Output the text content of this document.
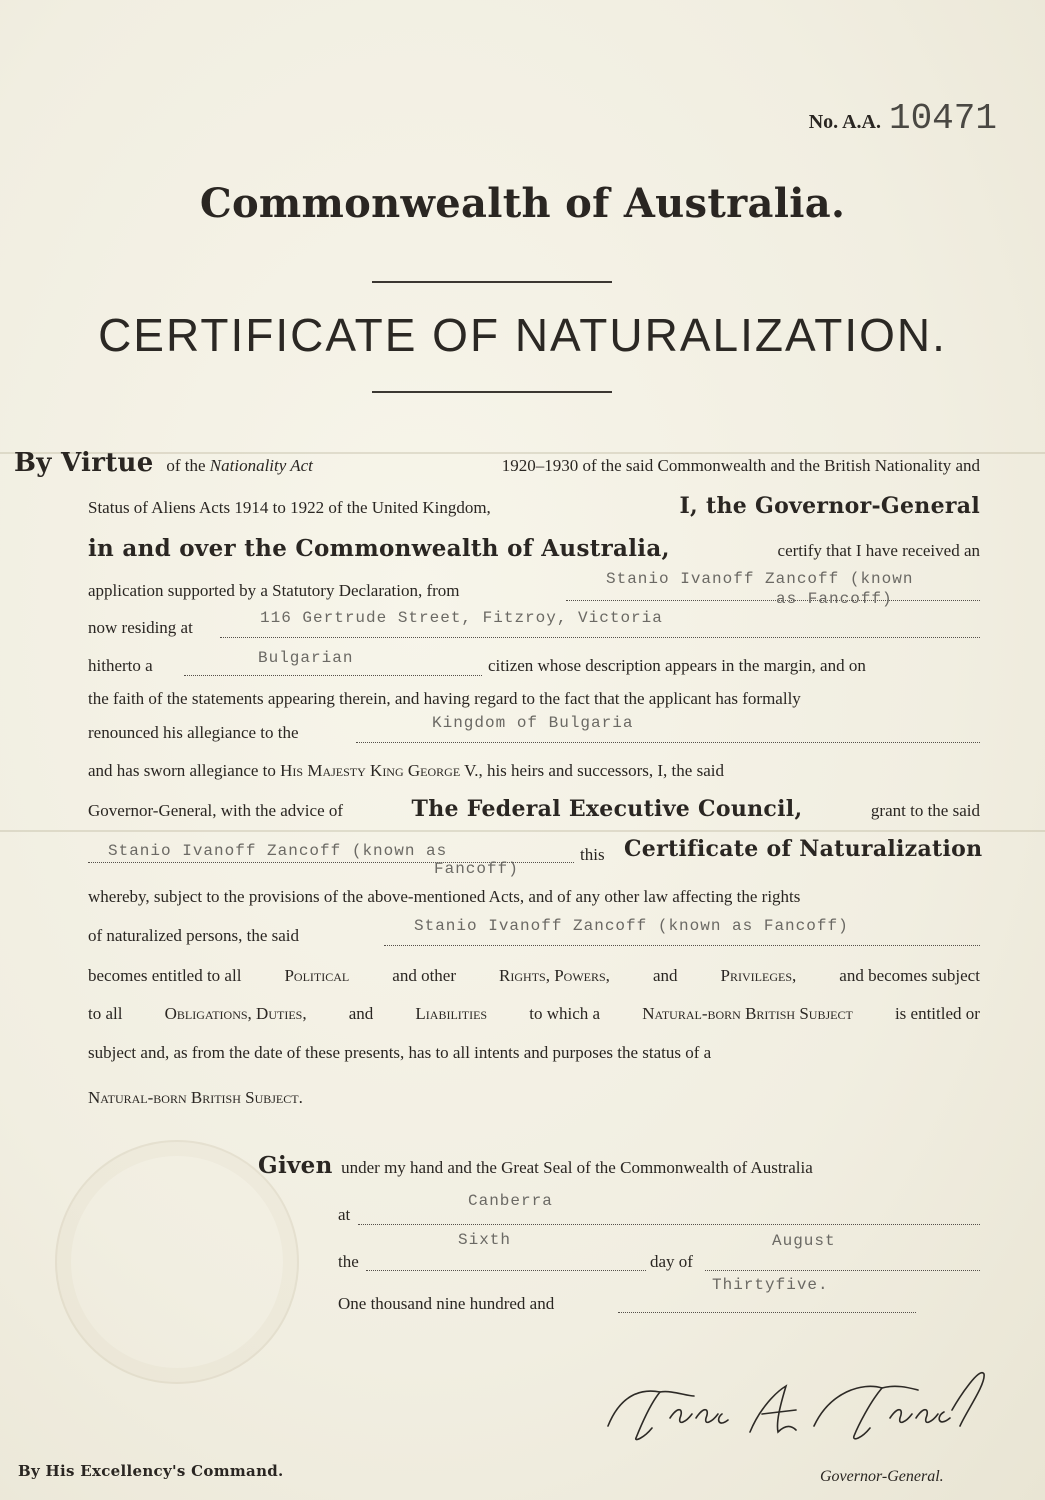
No. A.A. 10471
Commonwealth of Australia.
CERTIFICATE OF NATURALIZATION.
By Virtue of the Nationality Act	1920–1930 of the said Commonwealth and the British Nationality and
Status of Aliens Acts 1914 to 1922 of the United Kingdom,	I, the Governor-General
in and over the Commonwealth of Australia,	certify that I have received an
application supported by a Statutory Declaration, from
Stanio Ivanoff Zancoff (known
as Fancoff)
now residing at	116 Gertrude Street, Fitzroy, Victoria
hitherto a	Bulgarian	citizen whose description appears in the margin, and on
the faith of the statements appearing therein, and having regard to the fact that the applicant has formally
renounced his allegiance to the	Kingdom of Bulgaria
and has sworn allegiance to His Majesty King George V., his heirs and successors, I, the said
Governor-General, with the advice of	The Federal Executive Council,	grant to the said
Stanio Ivanoff Zancoff (known as
Fancoff)
this Certificate of Naturalization
whereby, subject to the provisions of the above-mentioned Acts, and of any other law affecting the rights
of naturalized persons, the said	Stanio Ivanoff Zancoff (known as Fancoff)
becomes entitled to all	Political	and other	Rights, Powers,	and	Privileges,	and becomes subject
to all Obligations, Duties, and Liabilities to which a Natural-born British Subject is entitled or
subject and, as from the date of these presents, has to all intents and purposes the status of a
Natural-born British Subject.
Given under my hand and the Great Seal of the Commonwealth of Australia
at
Canberra
the
Sixth
day of
August
One thousand nine hundred and
Thirtyfive.
Governor-General.
By His Excellency's Command.
